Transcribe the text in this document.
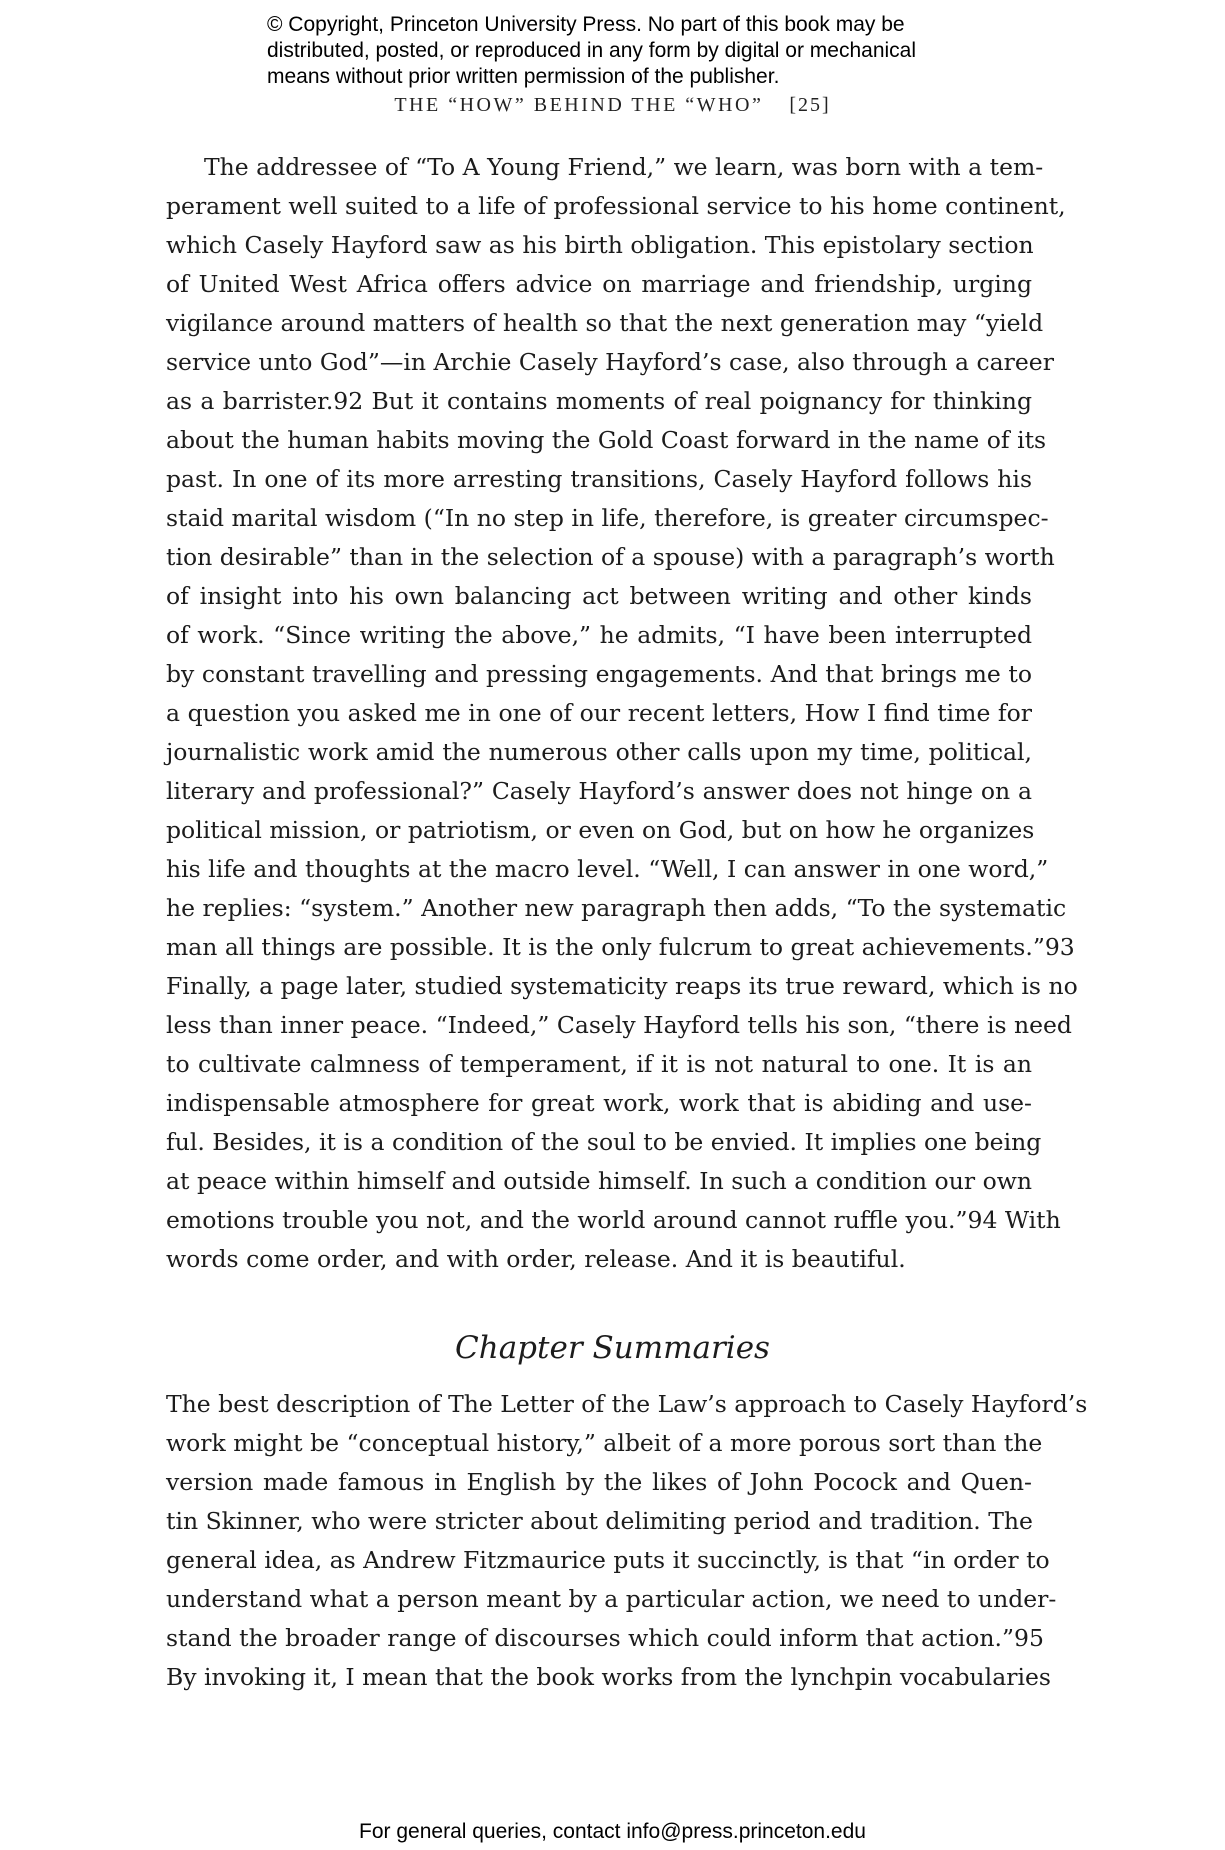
© Copyright, Princeton University Press. No part of this book may be
distributed, posted, or reproduced in any form by digital or mechanical
means without prior written permission of the publisher.
THE “HOW” BEHIND THE “WHO” [25]
The addressee of “To A Young Friend,” we learn, was born with a tem-
perament well suited to a life of professional service to his home continent,
which Casely Hayford saw as his birth obligation. This epistolary section
of United West Africa offers advice on marriage and friendship, urging
vigilance around matters of health so that the next generation may “yield
service unto God”—in Archie Casely Hayford’s case, also through a career
as a barrister.92 But it contains moments of real poignancy for thinking
about the human habits moving the Gold Coast forward in the name of its
past. In one of its more arresting transitions, Casely Hayford follows his
staid marital wisdom (“In no step in life, therefore, is greater circumspec-
tion desirable” than in the selection of a spouse) with a paragraph’s worth
of insight into his own balancing act between writing and other kinds
of work. “Since writing the above,” he admits, “I have been interrupted
by constant travelling and pressing engagements. And that brings me to
a question you asked me in one of our recent letters, How I find time for
journalistic work amid the numerous other calls upon my time, political,
literary and professional?” Casely Hayford’s answer does not hinge on a
political mission, or patriotism, or even on God, but on how he organizes
his life and thoughts at the macro level. “Well, I can answer in one word,”
he replies: “system.” Another new paragraph then adds, “To the systematic
man all things are possible. It is the only fulcrum to great achievements.”93
Finally, a page later, studied systematicity reaps its true reward, which is no
less than inner peace. “Indeed,” Casely Hayford tells his son, “there is need
to cultivate calmness of temperament, if it is not natural to one. It is an
indispensable atmosphere for great work, work that is abiding and use-
ful. Besides, it is a condition of the soul to be envied. It implies one being
at peace within himself and outside himself. In such a condition our own
emotions trouble you not, and the world around cannot ruffle you.”94 With
words come order, and with order, release. And it is beautiful.
Chapter Summaries
The best description of The Letter of the Law’s approach to Casely Hayford’s
work might be “conceptual history,” albeit of a more porous sort than the
version made famous in English by the likes of John Pocock and Quen-
tin Skinner, who were stricter about delimiting period and tradition. The
general idea, as Andrew Fitzmaurice puts it succinctly, is that “in order to
understand what a person meant by a particular action, we need to under-
stand the broader range of discourses which could inform that action.”95
By invoking it, I mean that the book works from the lynchpin vocabularies
For general queries, contact info@press.princeton.edu
